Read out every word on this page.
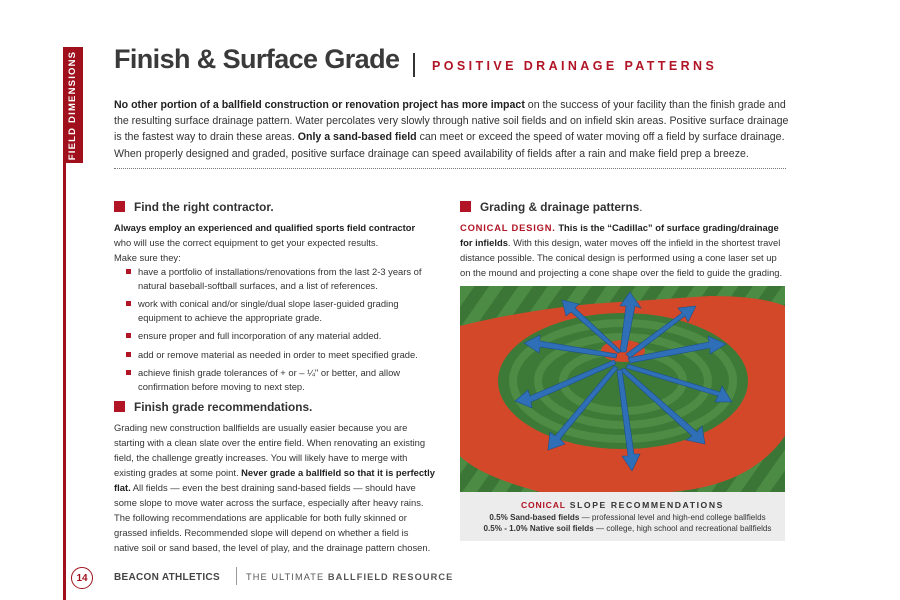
FIELD DIMENSIONS
14
Finish & Surface Grade	POSITIVE DRAINAGE PATTERNS
No other portion of a ballfield construction or renovation project has more impact on the success of your facility than the finish grade and the resulting surface drainage pattern. Water percolates very slowly through native soil fields and on infield skin areas. Positive surface drainage is the fastest way to drain these areas. Only a sand-based field can meet or exceed the speed of water moving off a field by surface drainage. When properly designed and graded, positive surface drainage can speed availability of fields after a rain and make field prep a breeze.
Find the right contractor.
Always employ an experienced and qualified sports field contractor
who will use the correct equipment to get your expected results.
Make sure they:
have a portfolio of installations/renovations from the last 2-3 years of natural baseball-softball surfaces, and a list of references.
work with conical and/or single/dual slope laser-guided grading equipment to achieve the appropriate grade.
ensure proper and full incorporation of any material added.
add or remove material as needed in order to meet specified grade.
achieve finish grade tolerances of + or – ¼" or better, and allow confirmation before moving to next step.
Finish grade recommendations.
Grading new construction ballfields are usually easier because you are starting with a clean slate over the entire field. When renovating an existing field, the challenge greatly increases. You will likely have to merge with existing grades at some point. Never grade a ballfield so that it is perfectly flat. All fields — even the best draining sand-based fields — should have some slope to move water across the surface, especially after heavy rains. The following recommendations are applicable for both fully skinned or grassed infields. Recommended slope will depend on whether a field is native soil or sand based, the level of play, and the drainage pattern chosen.
Grading & drainage patterns.
CONICAL DESIGN. This is the “Cadillac” of surface grading/drainage for infields. With this design, water moves off the infield in the shortest travel distance possible. The conical design is performed using a cone laser set up on the mound and projecting a cone shape over the field to guide the grading.
CONICAL SLOPE RECOMMENDATIONS
0.5% Sand-based fields — professional level and high-end college ballfields
0.5% - 1.0% Native soil fields — college, high school and recreational ballfields
BEACON ATHLETICS	THE ULTIMATE BALLFIELD RESOURCE
